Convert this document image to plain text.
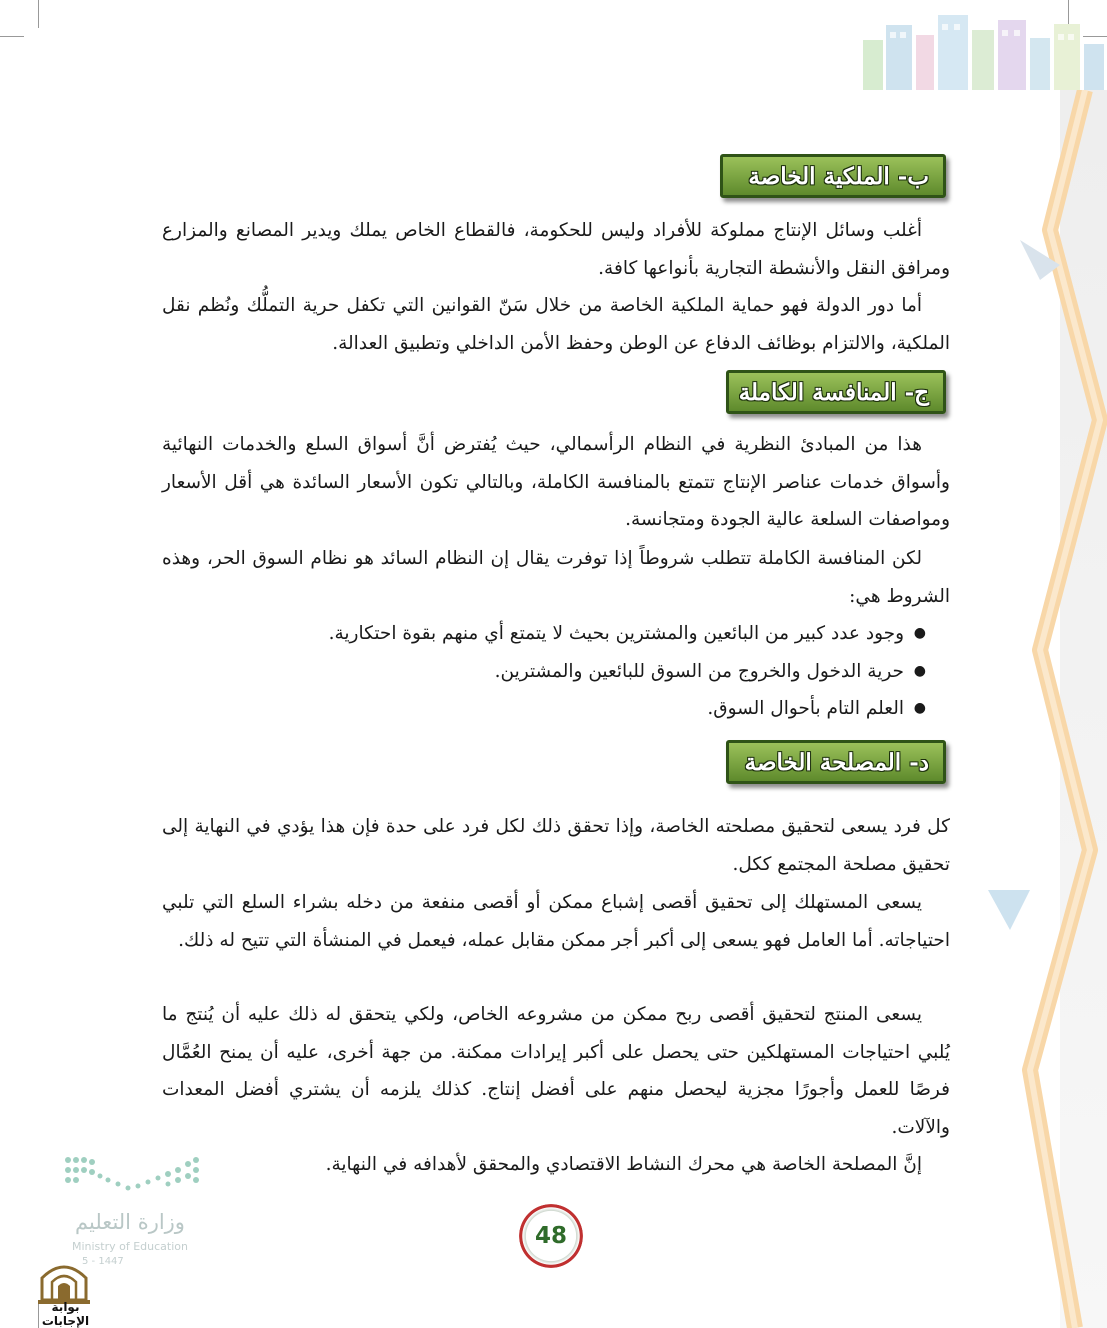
ب- الملكية الخاصة

أغلب وسائل الإنتاج مملوكة للأفراد وليس للحكومة، فالقطاع الخاص يملك ويدير المصانع والمزارع ومرافق النقل والأنشطة التجارية بأنواعها كافة.

أما دور الدولة فهو حماية الملكية الخاصة من خلال سَنّ القوانين التي تكفل حرية التملُّك ونُظم نقل الملكية، والالتزام بوظائف الدفاع عن الوطن وحفظ الأمن الداخلي وتطبيق العدالة.

ج- المنافسة الكاملة

هذا من المبادئ النظرية في النظام الرأسمالي، حيث يُفترض أنَّ أسواق السلع والخدمات النهائية وأسواق خدمات عناصر الإنتاج تتمتع بالمنافسة الكاملة، وبالتالي تكون الأسعار السائدة هي أقل الأسعار ومواصفات السلعة عالية الجودة ومتجانسة.

لكن المنافسة الكاملة تتطلب شروطاً إذا توفرت يقال إن النظام السائد هو نظام السوق الحر، وهذه الشروط هي:

● وجود عدد كبير من البائعين والمشترين بحيث لا يتمتع أي منهم بقوة احتكارية.
● حرية الدخول والخروج من السوق للبائعين والمشترين.
● العلم التام بأحوال السوق.
د- المصلحة الخاصة

كل فرد يسعى لتحقيق مصلحته الخاصة، وإذا تحقق ذلك لكل فرد على حدة فإن هذا يؤدي في النهاية إلى تحقيق مصلحة المجتمع ككل.

يسعى المستهلك إلى تحقيق أقصى إشباع ممكن أو أقصى منفعة من دخله بشراء السلع التي تلبي احتياجاته. أما العامل فهو يسعى إلى أكبر أجر ممكن مقابل عمله، فيعمل في المنشأة التي تتيح له ذلك.

يسعى المنتج لتحقيق أقصى ربح ممكن من مشروعه الخاص، ولكي يتحقق له ذلك عليه أن يُنتج ما يُلبي احتياجات المستهلكين حتى يحصل على أكبر إيرادات ممكنة. من جهة أخرى، عليه أن يمنح العُمَّال فرصًا للعمل وأجورًا مجزية ليحصل منهم على أفضل إنتاج. كذلك يلزمه أن يشتري أفضل المعدات والآلات.

إنَّ المصلحة الخاصة هي محرك النشاط الاقتصادي والمحقق لأهدافه في النهاية.

وزارة التعليم
Ministry of Education
5 - 1447
48
بوابة الإجابات
